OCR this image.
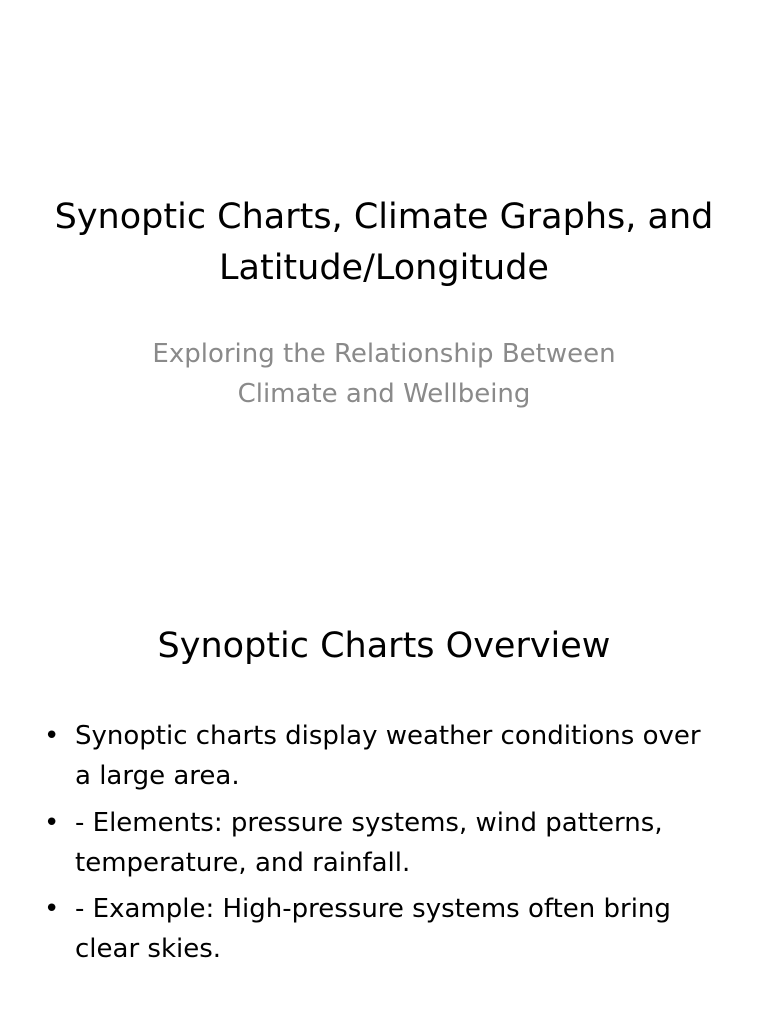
Synoptic Charts, Climate Graphs, and Latitude/Longitude

Exploring the Relationship Between Climate and Wellbeing

Synoptic Charts Overview
• Synoptic charts display weather conditions over a large area.
• - Elements: pressure systems, wind patterns, temperature, and rainfall.
• - Example: High-pressure systems often bring clear skies.
